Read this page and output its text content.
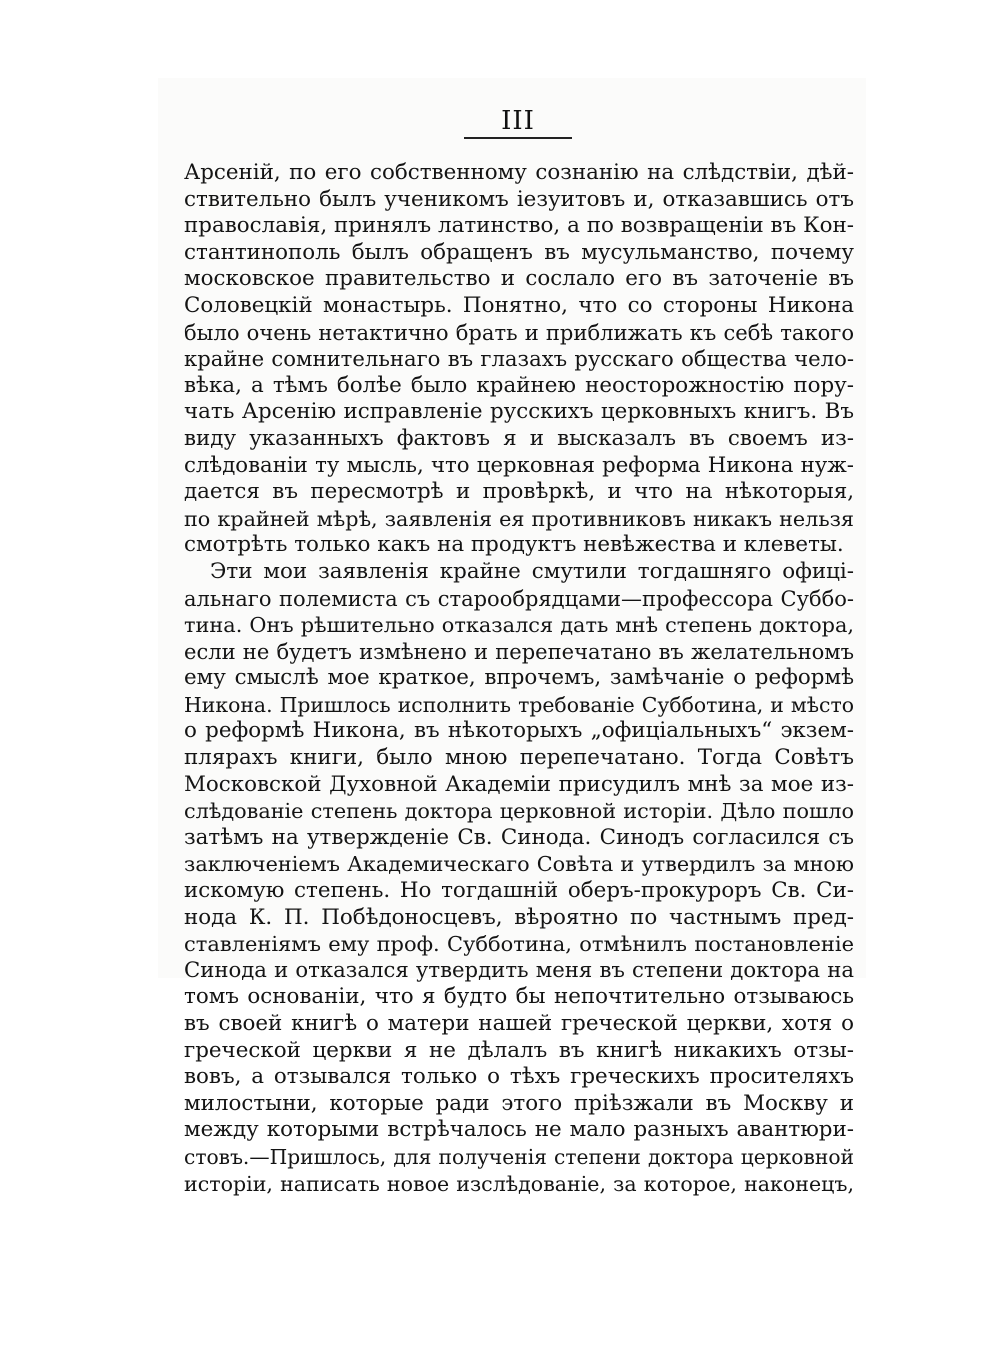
III
Арсеній, по его собственному сознанію на слѣдствіи, дѣй-
ствительно былъ ученикомъ іезуитовъ и, отказавшись отъ
православія, принялъ латинство, а по возвращеніи въ Кон-
стантинополь былъ обращенъ въ мусульманство, почему
московское правительство и сослало его въ заточеніе въ
Соловецкій монастырь. Понятно, что со стороны Никона
было очень нетактично брать и приближать къ себѣ такого
крайне сомнительнаго въ глазахъ русскаго общества чело-
вѣка, а тѣмъ болѣе было крайнею неосторожностію пору-
чать Арсенію исправленіе русскихъ церковныхъ книгъ. Въ
виду указанныхъ фактовъ я и высказалъ въ своемъ из-
слѣдованіи ту мысль, что церковная реформа Никона нуж-
дается въ пересмотрѣ и провѣркѣ, и что на нѣкоторыя,
по крайней мѣрѣ, заявленія ея противниковъ никакъ нельзя
смотрѣть только какъ на продуктъ невѣжества и клеветы.
Эти мои заявленія крайне смутили тогдашняго офиці-
альнаго полемиста съ старообрядцами—профессора Суббо-
тина. Онъ рѣшительно отказался дать мнѣ степень доктора,
если не будетъ измѣнено и перепечатано въ желательномъ
ему смыслѣ мое краткое, впрочемъ, замѣчаніе о реформѣ
Никона. Пришлось исполнить требованіе Субботина, и мѣсто
о реформѣ Никона, въ нѣкоторыхъ „офиціальныхъ“ экзем-
плярахъ книги, было мною перепечатано. Тогда Совѣтъ
Московской Духовной Академіи присудилъ мнѣ за мое из-
слѣдованіе степень доктора церковной исторіи. Дѣло пошло
затѣмъ на утвержденіе Св. Синода. Синодъ согласился съ
заключеніемъ Академическаго Совѣта и утвердилъ за мною
искомую степень. Но тогдашній оберъ-прокуроръ Св. Си-
нода К. П. Побѣдоносцевъ, вѣроятно по частнымъ пред-
ставленіямъ ему проф. Субботина, отмѣнилъ постановленіе
Синода и отказался утвердить меня въ степени доктора на
томъ основаніи, что я будто бы непочтительно отзываюсь
въ своей книгѣ о матери нашей греческой церкви, хотя о
греческой церкви я не дѣлалъ въ книгѣ никакихъ отзы-
вовъ, а отзывался только о тѣхъ греческихъ просителяхъ
милостыни, которые ради этого пріѣзжали въ Москву и
между которыми встрѣчалось не мало разныхъ авантюри-
стовъ.—Пришлось, для полученія степени доктора церковной
исторіи, написать новое изслѣдованіе, за которое, наконецъ,
